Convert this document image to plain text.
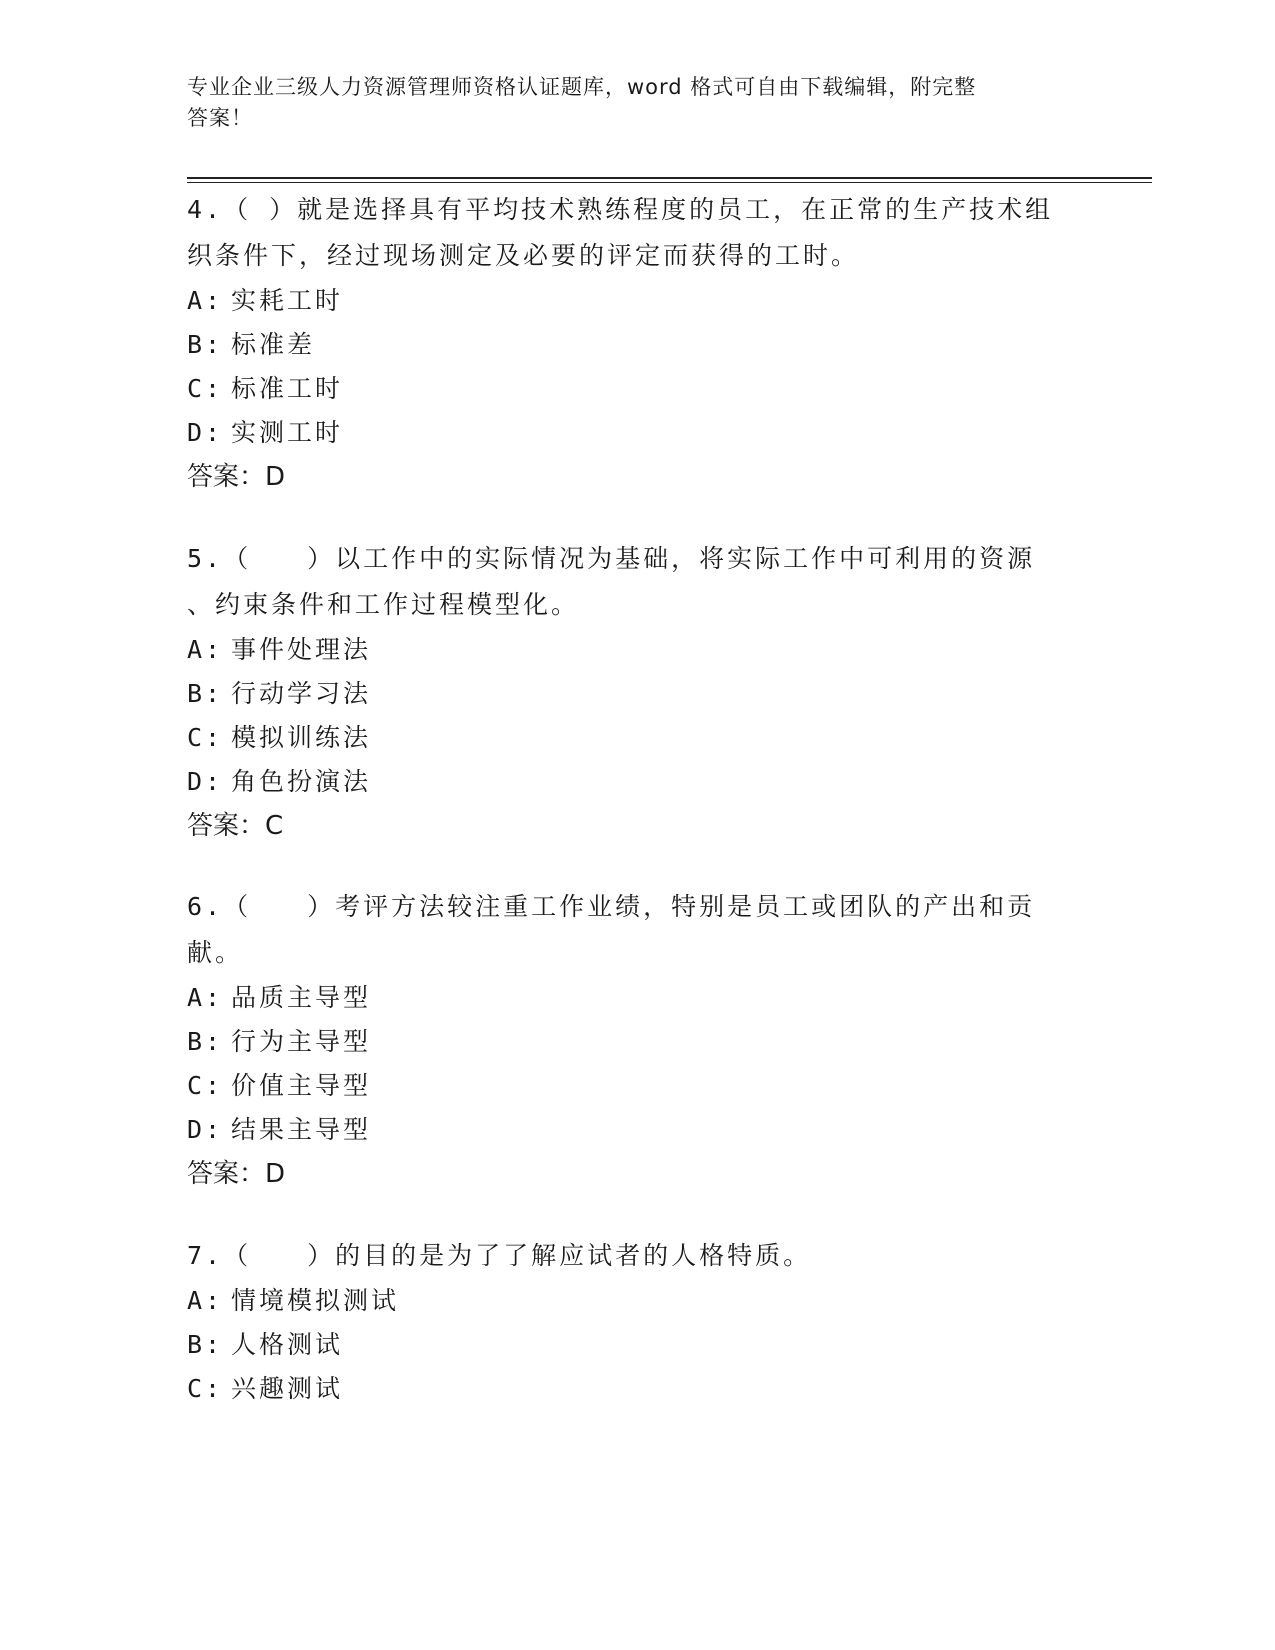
专业企业三级人力资源管理师资格认证题库，word 格式可自由下载编辑，附完整
答案！

4.（ ）就是选择具有平均技术熟练程度的员工，在正常的生产技术组

织条件下，经过现场测定及必要的评定而获得的工时。

A: 实耗工时

B: 标准差

C: 标准工时

D: 实测工时

答案：D

5.（　　）以工作中的实际情况为基础，将实际工作中可利用的资源

、约束条件和工作过程模型化。

A: 事件处理法

B: 行动学习法

C: 模拟训练法

D: 角色扮演法

答案：C

6.（　　）考评方法较注重工作业绩，特别是员工或团队的产出和贡

献。

A: 品质主导型

B: 行为主导型

C: 价值主导型

D: 结果主导型

答案：D

7.（　　）的目的是为了了解应试者的人格特质。

A: 情境模拟测试

B: 人格测试

C: 兴趣测试
